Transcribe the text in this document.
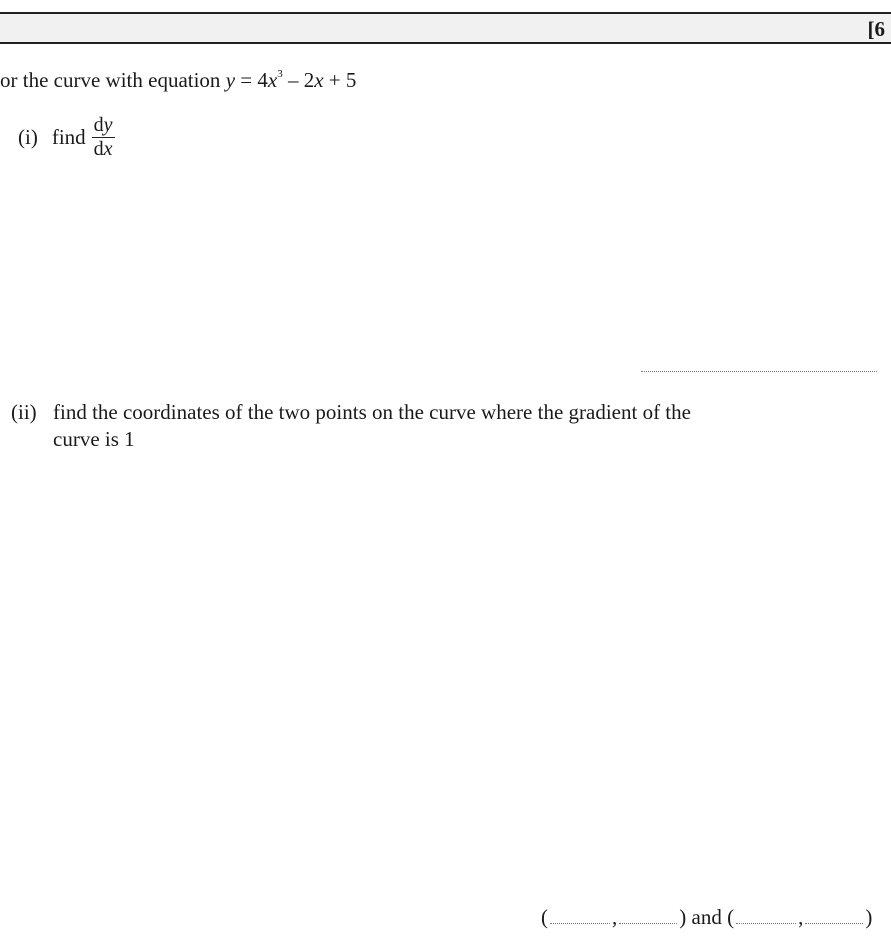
[6
or the curve with equation $y = 4x^3 - 2x + 5$
(i) find $\frac{dy}{dx}$
(ii) find the coordinates of the two points on the curve where the gradient of the
curve is 1
(	,	) and (	,	)
